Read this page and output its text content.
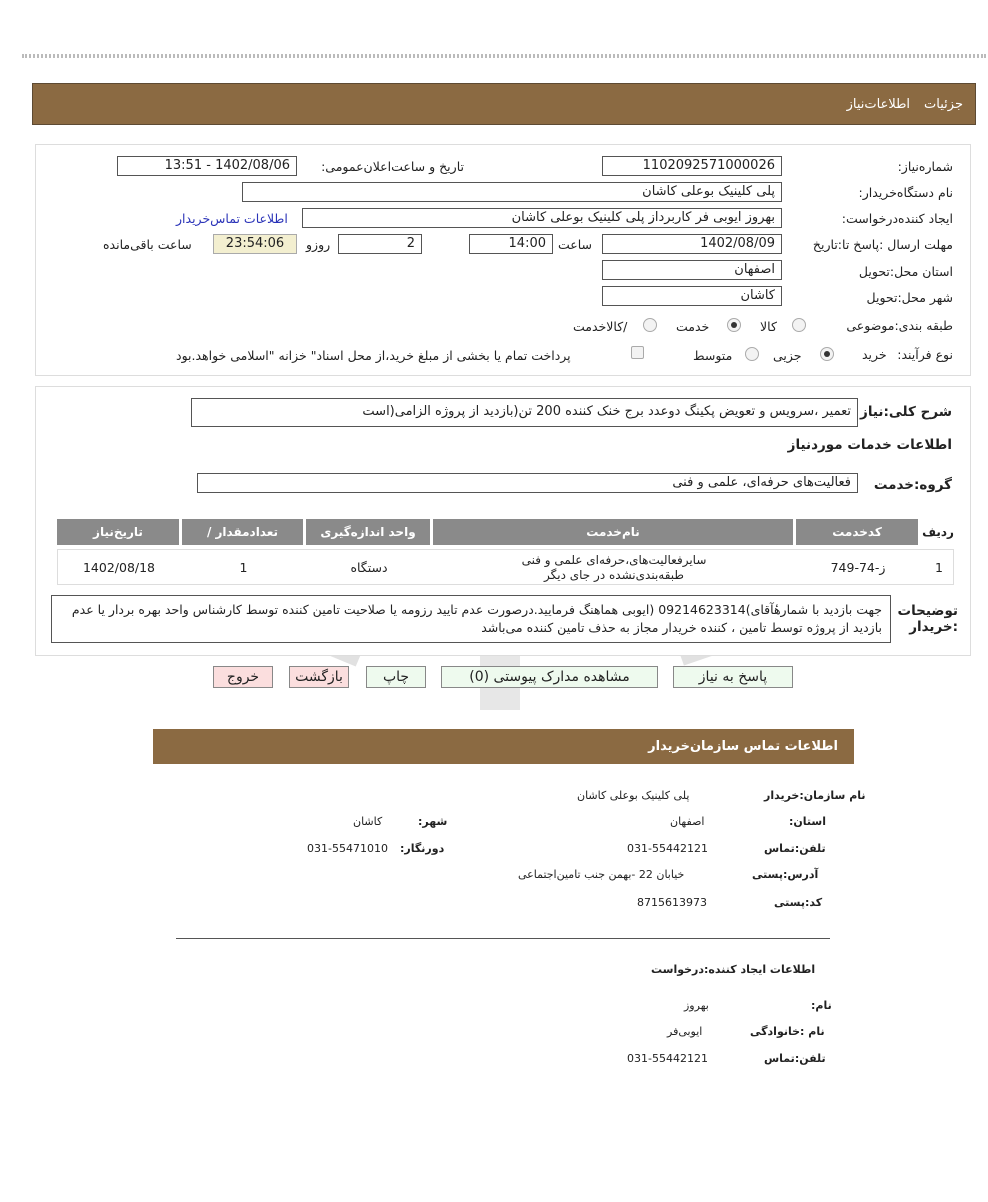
جزئیات
اطلاعات‌نیاز
شماره‌نیاز:
1102092571000026
تاریخ و ساعت‌اعلان‌عمومی:
1402/08/06 - 13:51
نام دستگاه‌خریدار:
پلی کلینیک بوعلی کاشان
ایجاد کننده‌درخواست:
بهروز ایوبی فر کاربرداز پلی کلینیک بوعلی کاشان
اطلاعات تماس‌خریدار
مهلت ارسال :پاسخ تا:تاریخ
1402/08/09
ساعت
14:00
2
روزو
23:54:06
ساعت باقی‌مانده
استان محل:تحویل
اصفهان
شهر محل:تحویل
کاشان
طبقه بندی:موضوعی
کالا
خدمت
/کالاخدمت
نوع فرآیند:
خرید
جزیی
متوسط
پرداخت تمام یا بخشی از مبلغ خرید،از محل اسناد" خزانه "اسلامی خواهد.بود
شرح کلی:نیاز
تعمیر ،سرویس و تعویض پکینگ دوعدد برج خنک کننده 200 تن(بازدید از پروژه الزامی(است
اطلاعات خدمات موردنیاز
گروه:خدمت
فعالیت‌های حرفه‌ای، علمی و فنی
ردیف
کدخدمت
نام‌خدمت
واحد اندازه‌گیری
/ تعدادمقدار
تاریخ‌نیاز
1
ز-74-749
سایرفعالیت‌های،حرفه‌ای علمی و فنی
طبقه‌بندی‌نشده در جای دیگر
دستگاه
1
1402/08/18
توضیحات
:خریدار
جهت بازدید با شمارهٔآقای)09214623314 (ایوبی هماهنگ فرمایید.درصورت عدم تایید رزومه یا صلاحیت تامین کننده توسط کارشناس واحد بهره بردار یا عدم بازدید از پروژه توسط تامین ، کننده خریدار مجاز به حذف تامین کننده می‌باشد
پاسخ به نیاز
مشاهده مدارک پیوستی (0)
چاپ
بازگشت
خروج
اطلاعات تماس سازمان‌خریدار
نام سازمان:خریدار
پلی کلینیک بوعلی کاشان
:استان
اصفهان
:شهر
کاشان
تلفن:تماس
031-55442121
:دورنگار
031-55471010
آدرس:پستی
خیابان 22 -بهمن جنب تامین‌اجتماعی
کد:پستی
8715613973
اطلاعات ایجاد کننده:درخواست
:نام
بهروز
نام :خانوادگی
ایوبی‌فر
تلفن:تماس
031-55442121
